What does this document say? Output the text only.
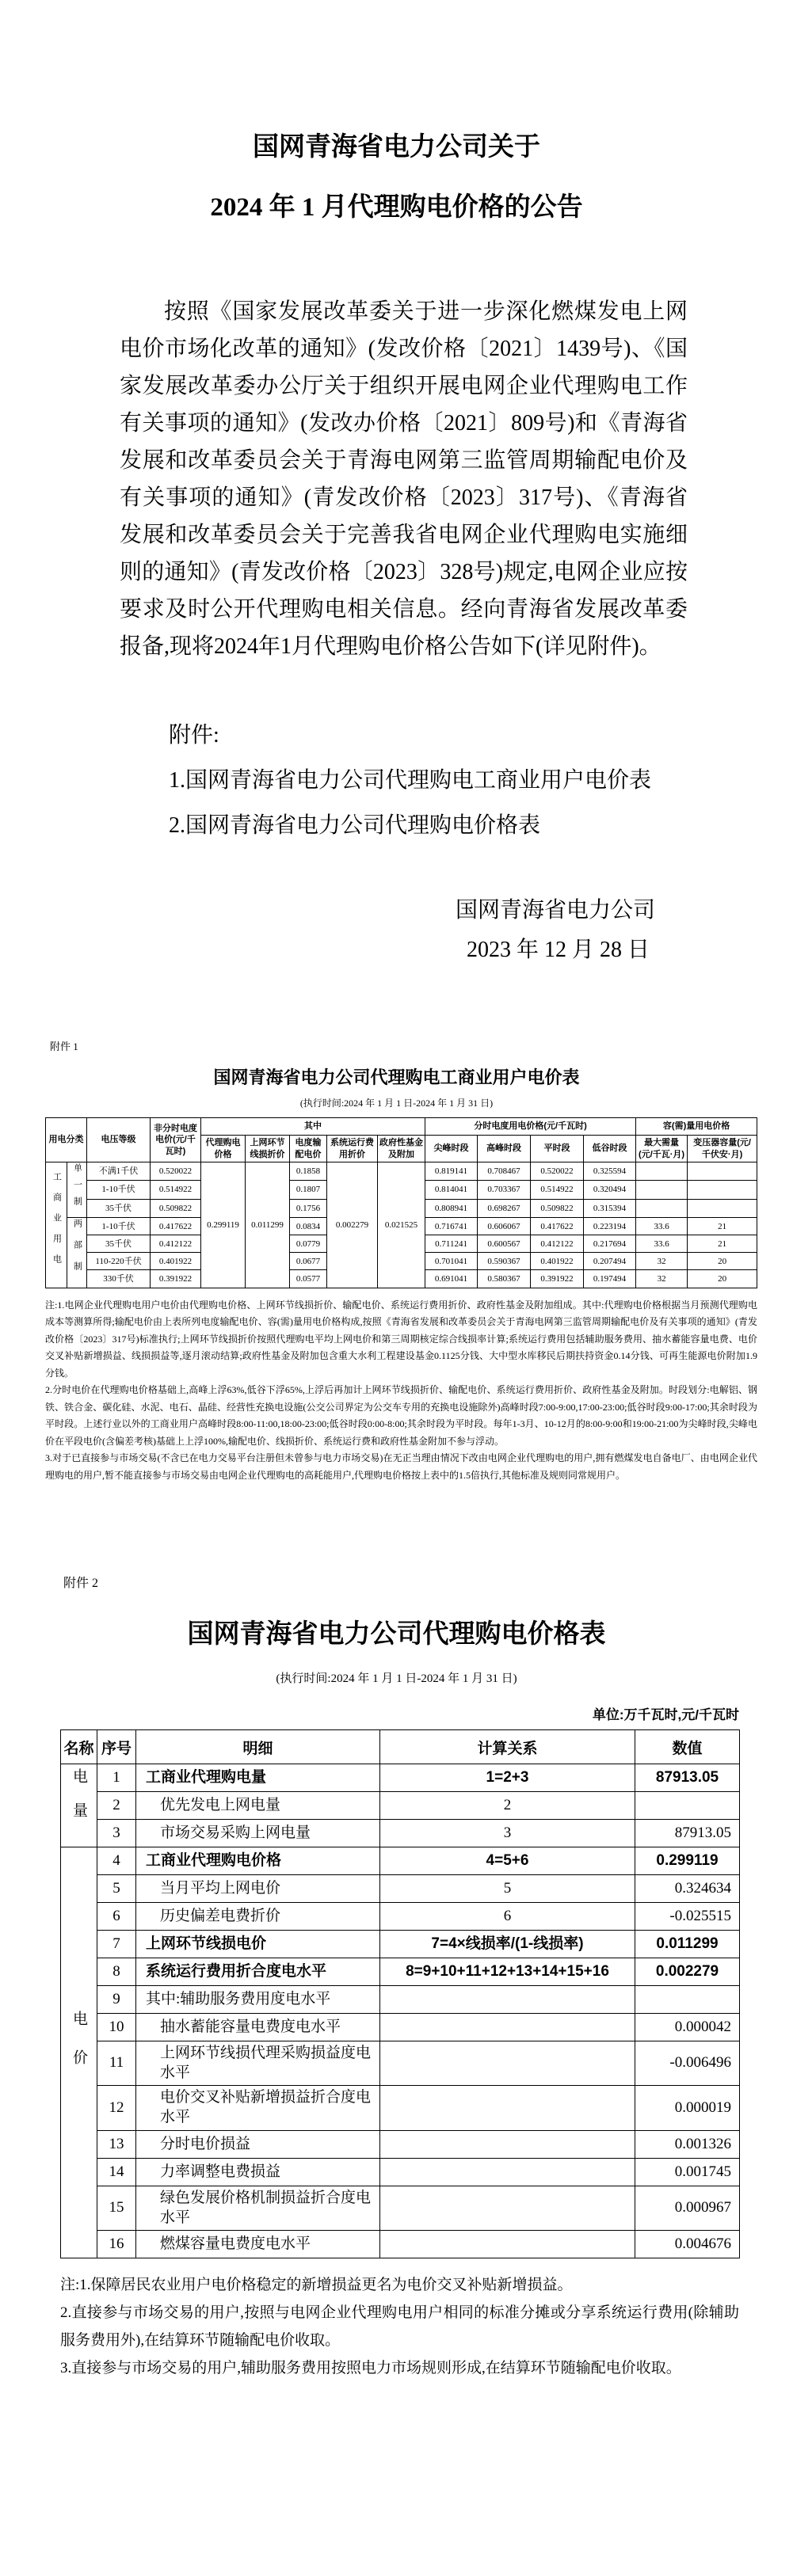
国网青海省电力公司关于
2024 年 1 月代理购电价格的公告

按照《国家发展改革委关于进一步深化燃煤发电上网电价市场化改革的通知》(发改价格〔2021〕1439号)、《国家发展改革委办公厅关于组织开展电网企业代理购电工作有关事项的通知》(发改办价格〔2021〕809号)和《青海省发展和改革委员会关于青海电网第三监管周期输配电价及有关事项的通知》(青发改价格〔2023〕317号)、《青海省发展和改革委员会关于完善我省电网企业代理购电实施细则的通知》(青发改价格〔2023〕328号)规定,电网企业应按要求及时公开代理购电相关信息。经向青海省发展改革委报备,现将2024年1月代理购电价格公告如下(详见附件)。

附件:
1.国网青海省电力公司代理购电工商业用户电价表
2.国网青海省电力公司代理购电价格表
国网青海省电力公司
2023 年 12 月 28 日
附件 1
国网青海省电力公司代理购电工商业用户电价表
(执行时间:2024 年 1 月 1 日-2024 年 1 月 31 日)
用电分类		电压等级	非分时电度电价(元/千瓦时)	其中					分时电度用电价格(元/千瓦时)				容(需)量用电价格	
				代理购电价格	上网环节线损折价	电度输配电价	系统运行费用折价	政府性基金及附加	尖峰时段	高峰时段	平时段	低谷时段	最大需量(元/千瓦·月)	变压器容量(元/千伏安·月)
工商业用电	单一制	不满1千伏	0.520022	0.299119	0.011299	0.1858	0.002279	0.021525	0.819141	0.708467	0.520022	0.325594		
		1-10千伏	0.514922			0.1807			0.814041	0.703367	0.514922	0.320494		
		35千伏	0.509822			0.1756			0.808941	0.698267	0.509822	0.315394		
	两部制	1-10千伏	0.417622			0.0834			0.716741	0.606067	0.417622	0.223194	33.6	21
		35千伏	0.412122			0.0779			0.711241	0.600567	0.412122	0.217694	33.6	21
		110-220千伏	0.401922			0.0677			0.701041	0.590367	0.401922	0.207494	32	20
		330千伏	0.391922			0.0577			0.691041	0.580367	0.391922	0.197494	32	20

注:1.电网企业代理购电用户电价由代理购电价格、上网环节线损折价、输配电价、系统运行费用折价、政府性基金及附加组成。其中:代理购电价格根据当月预测代理购电成本等测算所得;输配电价由上表所列电度输配电价、容(需)量用电价格构成,按照《青海省发展和改革委员会关于青海电网第三监管周期输配电价及有关事项的通知》(青发改价格〔2023〕317号)标准执行;上网环节线损折价按照代理购电平均上网电价和第三周期核定综合线损率计算;系统运行费用包括辅助服务费用、抽水蓄能容量电费、电价交叉补贴新增损益、线损损益等,逐月滚动结算;政府性基金及附加包含重大水利工程建设基金0.1125分钱、大中型水库移民后期扶持资金0.14分钱、可再生能源电价附加1.9分钱。

2.分时电价在代理购电价格基础上,高峰上浮63%,低谷下浮65%,上浮后再加计上网环节线损折价、输配电价、系统运行费用折价、政府性基金及附加。时段划分:电解铝、钢铁、铁合金、碳化硅、水泥、电石、晶硅、经营性充换电设施(公交公司界定为公交车专用的充换电设施除外)高峰时段7:00-9:00,17:00-23:00;低谷时段9:00-17:00;其余时段为平时段。上述行业以外的工商业用户高峰时段8:00-11:00,18:00-23:00;低谷时段0:00-8:00;其余时段为平时段。每年1-3月、10-12月的8:00-9:00和19:00-21:00为尖峰时段,尖峰电价在平段电价(含偏差考核)基础上上浮100%,输配电价、线损折价、系统运行费和政府性基金附加不参与浮动。

3.对于已直接参与市场交易(不含已在电力交易平台注册但未曾参与电力市场交易)在无正当理由情况下改由电网企业代理购电的用户,拥有燃煤发电自备电厂、由电网企业代理购电的用户,暂不能直接参与市场交易由电网企业代理购电的高耗能用户,代理购电价格按上表中的1.5倍执行,其他标准及规则同常规用户。

附件 2
国网青海省电力公司代理购电价格表
(执行时间:2024 年 1 月 1 日-2024 年 1 月 31 日)
单位:万千瓦时,元/千瓦时
名称	序号	明细	计算关系	数值
电量	1	工商业代理购电量	1=2+3	87913.05
	2	优先发电上网电量	2	
	3	市场交易采购上网电量	3	87913.05
电价	4	工商业代理购电价格	4=5+6	0.299119
	5	当月平均上网电价	5	0.324634
	6	历史偏差电费折价	6	-0.025515
	7	上网环节线损电价	7=4×线损率/(1-线损率)	0.011299
	8	系统运行费用折合度电水平	8=9+10+11+12+13+14+15+16	0.002279
	9	其中:辅助服务费用度电水平		
	10	抽水蓄能容量电费度电水平		0.000042
	11	上网环节线损代理采购损益度电水平		-0.006496
	12	电价交叉补贴新增损益折合度电水平		0.000019
	13	分时电价损益		0.001326
	14	力率调整电费损益		0.001745
	15	绿色发展价格机制损益折合度电水平		0.000967
	16	燃煤容量电费度电水平		0.004676

注:1.保障居民农业用户电价格稳定的新增损益更名为电价交叉补贴新增损益。

2.直接参与市场交易的用户,按照与电网企业代理购电用户相同的标准分摊或分享系统运行费用(除辅助服务费用外),在结算环节随输配电价收取。

3.直接参与市场交易的用户,辅助服务费用按照电力市场规则形成,在结算环节随输配电价收取。
